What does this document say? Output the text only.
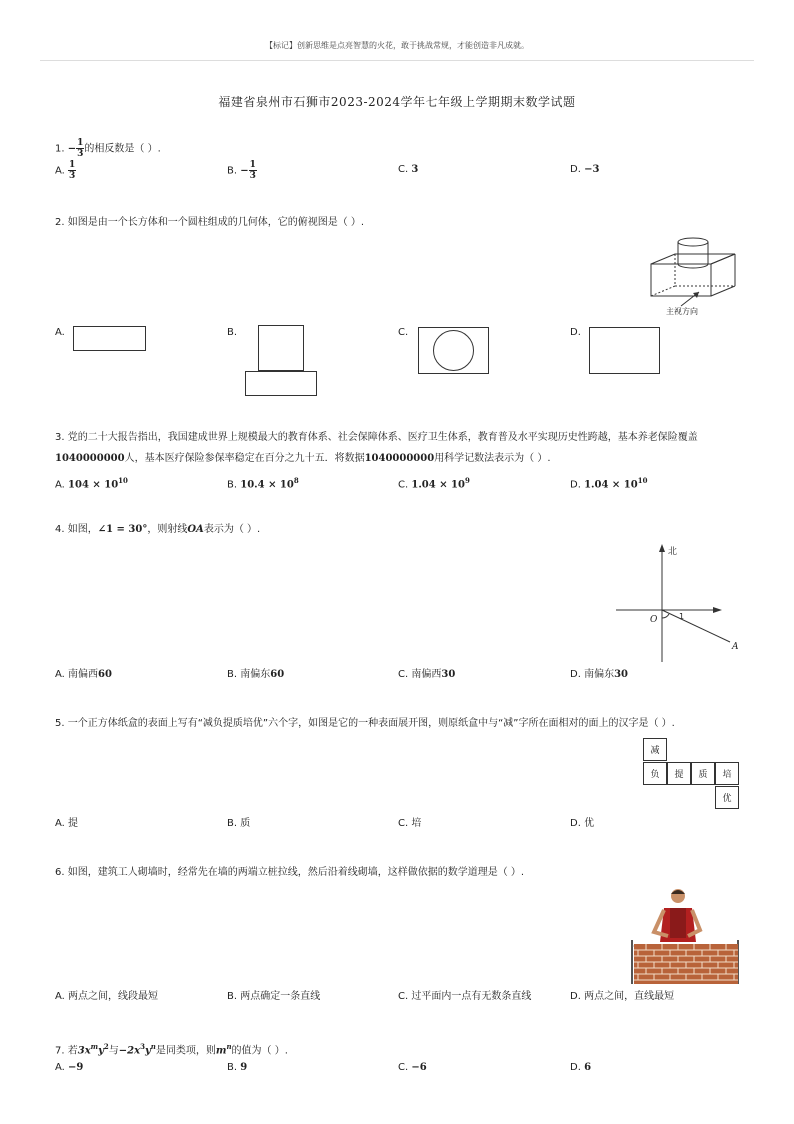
【标记】创新思维是点亮智慧的火花，敢于挑战常规，才能创造非凡成就。
福建省泉州市石狮市2023-2024学年七年级上学期期末数学试题
1. − $\frac{1}{3}$ 的相反数是（ ）.
A. $\frac{1}{3}$	B. − $\frac{1}{3}$	C. 3	D. −3
2. 如图是由一个长方体和一个圆柱组成的几何体，它的俯视图是（ ）.
主视方向
A.	B.	C.	D.
3. 党的二十大报告指出，我国建成世界上规模最大的教育体系、社会保障体系、医疗卫生体系，教育普及水平实现历史性跨越，基本养老保险覆盖
1040000000人，基本医疗保险参保率稳定在百分之九十五．将数据1040000000用科学记数法表示为（ ）.
A. $104 \times 10^{10}$	B. $10.4 \times 10^8$	C. $1.04 \times 10^9$	D. $1.04 \times 10^{10}$
4. 如图，∠1 = 30°，则射线OA表示为（ ）.
北
O	1
A
A. 南偏西60	B. 南偏东60	C. 南偏西30	D. 南偏东30
5. 一个正方体纸盒的表面上写有“减负提质培优”六个字，如图是它的一种表面展开图，则原纸盒中与“减”字所在面相对的面上的汉字是（ ）.
减
负	提	质	培
优
A. 提	B. 质	C. 培	D. 优
6. 如图，建筑工人砌墙时，经常先在墙的两端立桩拉线，然后沿着线砌墙，这样做依据的数学道理是（ ）.
A. 两点之间，线段最短	B. 两点确定一条直线	C. 过平面内一点有无数条直线	D. 两点之间，直线最短
7. 若$3x^my^2$与$-2x^3y^n$是同类项，则$m^n$的值为（ ）.
A. −9	B. 9	C. −6	D. 6
